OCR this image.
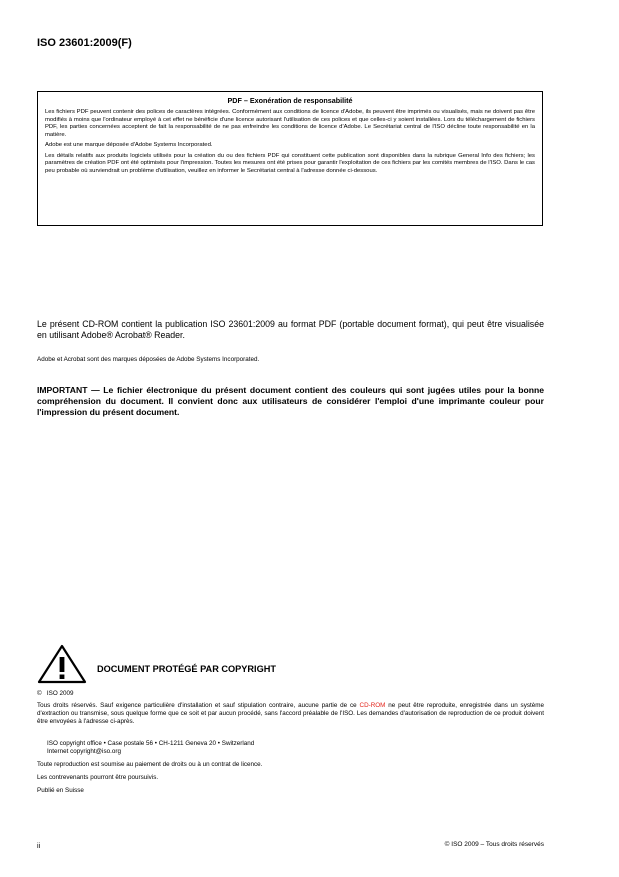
ISO 23601:2009(F)
PDF – Exonération de responsabilité

Les fichiers PDF peuvent contenir des polices de caractères intégrées. Conformément aux conditions de licence d'Adobe, ils peuvent être imprimés ou visualisés, mais ne doivent pas être modifiés à moins que l'ordinateur employé à cet effet ne bénéficie d'une licence autorisant l'utilisation de ces polices et que celles-ci y soient installées. Lors du téléchargement de fichiers PDF, les parties concernées acceptent de fait la responsabilité de ne pas enfreindre les conditions de licence d'Adobe. Le Secrétariat central de l'ISO décline toute responsabilité en la matière.

Adobe est une marque déposée d'Adobe Systems Incorporated.

Les détails relatifs aux produits logiciels utilisés pour la création du ou des fichiers PDF qui constituent cette publication sont disponibles dans la rubrique General Info des fichiers; les paramètres de création PDF ont été optimisés pour l'impression. Toutes les mesures ont été prises pour garantir l'exploitation de ces fichiers par les comités membres de l'ISO. Dans le cas peu probable où surviendrait un problème d'utilisation, veuillez en informer le Secrétariat central à l'adresse donnée ci-dessous.

Le présent CD-ROM contient la publication ISO 23601:2009 au format PDF (portable document format), qui peut être visualisée en utilisant Adobe® Acrobat® Reader.
Adobe et Acrobat sont des marques déposées de Adobe Systems Incorporated.
IMPORTANT — Le fichier électronique du présent document contient des couleurs qui sont jugées utiles pour la bonne compréhension du document. Il convient donc aux utilisateurs de considérer l'emploi d'une imprimante couleur pour l'impression du présent document.
DOCUMENT PROTÉGÉ PAR COPYRIGHT
©   ISO 2009
Tous droits réservés. Sauf exigence particulière d'installation et sauf stipulation contraire, aucune partie de ce CD-ROM ne peut être reproduite, enregistrée dans un système d'extraction ou transmise, sous quelque forme que ce soit et par aucun procédé, sans l'accord préalable de l'ISO. Les demandes d'autorisation de reproduction de ce produit doivent être envoyées à l'adresse ci-après.
ISO copyright office • Case postale 56 • CH-1211 Geneva 20 • Switzerland
Internet copyright@iso.org
Toute reproduction est soumise au paiement de droits ou à un contrat de licence.
Les contrevenants pourront être poursuivis.
Publié en Suisse
ii	© ISO 2009 – Tous droits réservés
